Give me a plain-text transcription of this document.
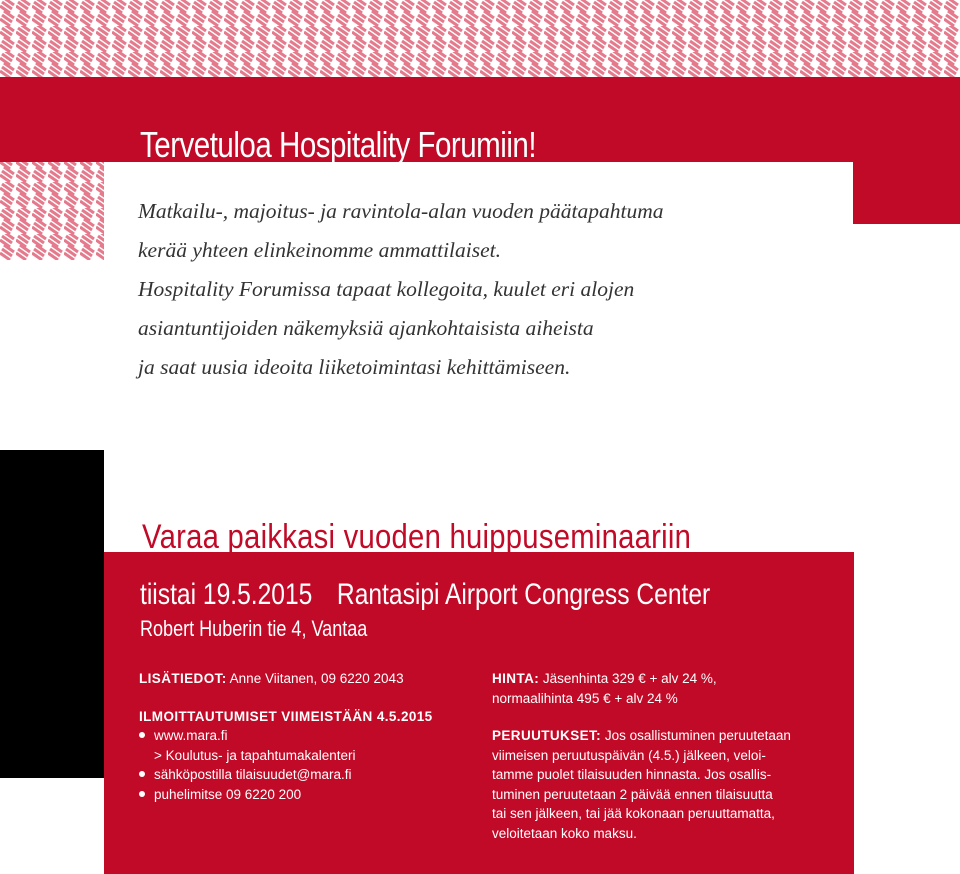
Tervetuloa Hospitality Forumiin!
Matkailu-, majoitus- ja ravintola-alan vuoden päätapahtuma
kerää yhteen elinkeinomme ammattilaiset.
Hospitality Forumissa tapaat kollegoita, kuulet eri alojen
asiantuntijoiden näkemyksiä ajankohtaisista aiheista
ja saat uusia ideoita liiketoimintasi kehittämiseen.
Varaa paikkasi vuoden huippuseminaariin
tiistai 19.5.2015 Rantasipi Airport Congress Center
Robert Huberin tie 4, Vantaa
LISÄTIEDOT: Anne Viitanen, 09 6220 2043
ILMOITTAUTUMISET VIIMEISTÄÄN 4.5.2015
www.mara.fi
> Koulutus- ja tapahtumakalenteri
sähköpostilla tilaisuudet@mara.fi
puhelimitse 09 6220 200
HINTA: Jäsenhinta 329 € + alv 24 %,
normaalihinta 495 € + alv 24 %
PERUUTUKSET: Jos osallistuminen peruutetaan
viimeisen peruutuspäivän (4.5.) jälkeen, veloi-
tamme puolet tilaisuuden hinnasta. Jos osallis-
tuminen peruutetaan 2 päivää ennen tilaisuutta
tai sen jälkeen, tai jää kokonaan peruuttamatta,
veloitetaan koko maksu.
